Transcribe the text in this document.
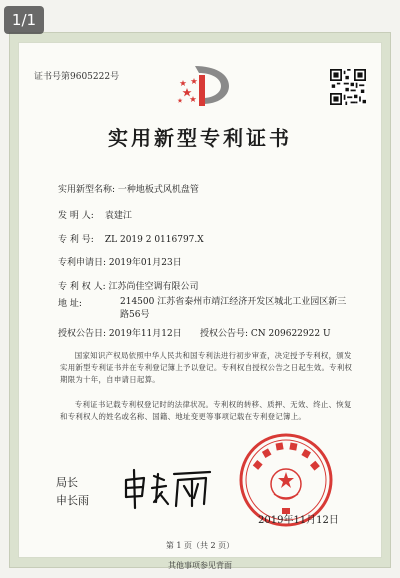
证书号第9605222号
实用新型专利证书
实用新型名称: 一种地板式风机盘管
发 明 人: 袁建江
专 利 号: ZL 2019 2 0116797.X
专利申请日: 2019年01月23日
专 利 权 人: 江苏尚佳空调有限公司
地 址:	214500 江苏省泰州市靖江经济开发区城北工业园区新三路56号
授权公告日: 2019年11月12日 授权公告号: CN 209622922 U
国家知识产权局依照中华人民共和国专利法进行初步审查，决定授予专利权，颁发实用新型专利证书并在专利登记簿上予以登记。专利权自授权公告之日起生效。专利权期限为十年，自申请日起算。
专利证书记载专利权登记时的法律状况。专利权的转移、质押、无效、终止、恢复和专利权人的姓名或名称、国籍、地址变更等事项记载在专利登记簿上。
局长
申长雨
2019年11月12日
第 1 页（共 2 页）
其他事项参见背面
1/1
